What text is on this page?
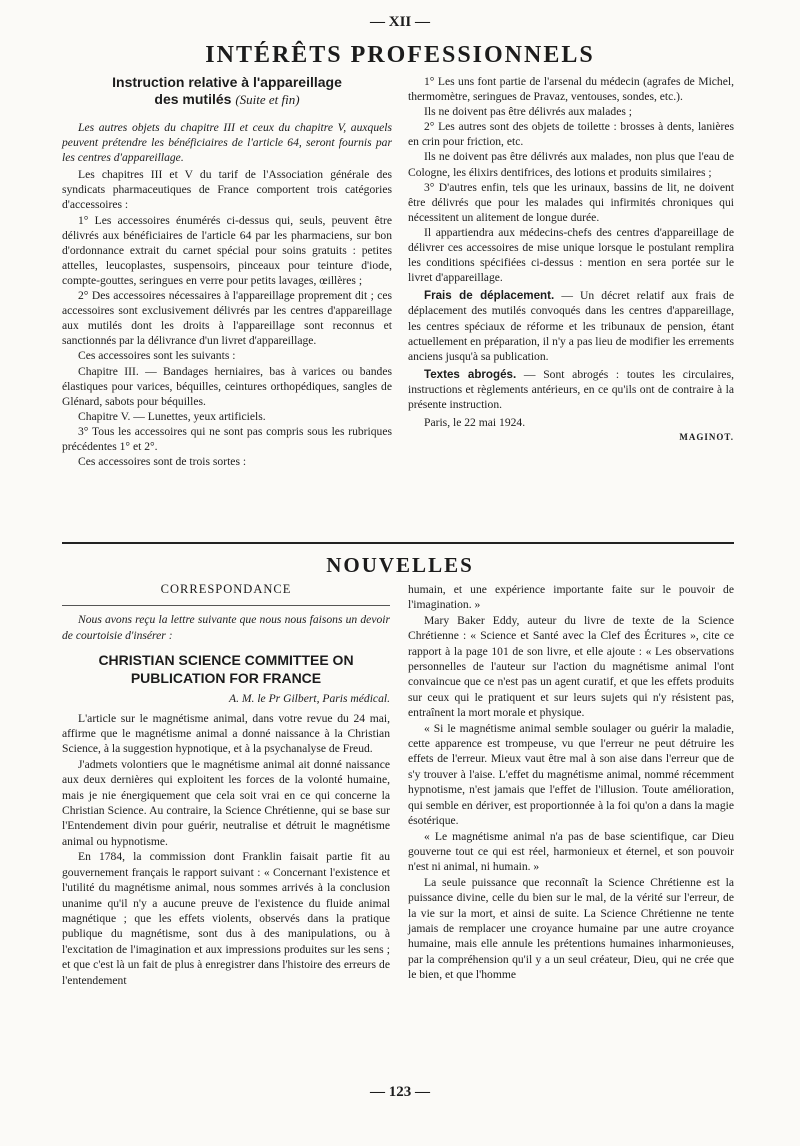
— XII —
INTÉRÊTS PROFESSIONNELS
Instruction relative à l'appareillage
des mutilés (Suite et fin)

Les autres objets du chapitre III et ceux du chapitre V, auxquels peuvent prétendre les bénéficiaires de l'article 64, seront fournis par les centres d'appareillage.

Les chapitres III et V du tarif de l'Association générale des syndicats pharmaceutiques de France comportent trois catégories d'accessoires :

1° Les accessoires énumérés ci-dessus qui, seuls, peuvent être délivrés aux bénéficiaires de l'article 64 par les pharmaciens, sur bon d'ordonnance extrait du carnet spécial pour soins gratuits : petites attelles, leucoplastes, suspensoirs, pinceaux pour teinture d'iode, compte-gouttes, seringues en verre pour petits lavages, œillères ;

2° Des accessoires nécessaires à l'appareillage proprement dit ; ces accessoires sont exclusivement délivrés par les centres d'appareillage aux mutilés dont les droits à l'appareillage sont reconnus et sanctionnés par la délivrance d'un livret d'appareillage.

Ces accessoires sont les suivants :

Chapitre III. — Bandages herniaires, bas à varices ou bandes élastiques pour varices, béquilles, ceintures orthopédiques, sangles de Glénard, sabots pour béquilles.

Chapitre V. — Lunettes, yeux artificiels.

3° Tous les accessoires qui ne sont pas compris sous les rubriques précédentes 1° et 2°.

Ces accessoires sont de trois sortes :

1° Les uns font partie de l'arsenal du médecin (agrafes de Michel, thermomètre, seringues de Pravaz, ventouses, sondes, etc.).

Ils ne doivent pas être délivrés aux malades ;

2° Les autres sont des objets de toilette : brosses à dents, lanières en crin pour friction, etc.

Ils ne doivent pas être délivrés aux malades, non plus que l'eau de Cologne, les élixirs dentifrices, des lotions et produits similaires ;

3° D'autres enfin, tels que les urinaux, bassins de lit, ne doivent être délivrés que pour les malades qui infirmités chroniques qui nécessitent un alitement de longue durée.

Il appartiendra aux médecins-chefs des centres d'appareillage de délivrer ces accessoires de mise unique lorsque le postulant remplira les conditions spécifiées ci-dessus : mention en sera portée sur le livret d'appareillage.

Frais de déplacement. — Un décret relatif aux frais de déplacement des mutilés convoqués dans les centres d'appareillage, les centres spéciaux de réforme et les tribunaux de pension, étant actuellement en préparation, il n'y a pas lieu de modifier les errements anciens jusqu'à sa publication.

Textes abrogés. — Sont abrogés : toutes les circulaires, instructions et règlements antérieurs, en ce qu'ils ont de contraire à la présente instruction.

Paris, le 22 mai 1924.

MAGINOT.
NOUVELLES
CORRESPONDANCE

Nous avons reçu la lettre suivante que nous nous faisons un devoir de courtoisie d'insérer :

CHRISTIAN SCIENCE COMMITTEE ON
PUBLICATION FOR FRANCE
A. M. le Pr Gilbert, Paris médical.

L'article sur le magnétisme animal, dans votre revue du 24 mai, affirme que le magnétisme animal a donné naissance à la Christian Science, à la suggestion hypnotique, et à la psychanalyse de Freud.

J'admets volontiers que le magnétisme animal ait donné naissance aux deux dernières qui exploitent les forces de la volonté humaine, mais je nie énergiquement que cela soit vrai en ce qui concerne la Christian Science. Au contraire, la Science Chrétienne, qui se base sur l'Entendement divin pour guérir, neutralise et détruit le magnétisme animal ou hypnotisme.

En 1784, la commission dont Franklin faisait partie fit au gouvernement français le rapport suivant : « Concernant l'existence et l'utilité du magnétisme animal, nous sommes arrivés à la conclusion unanime qu'il n'y a aucune preuve de l'existence du fluide animal magnétique ; que les effets violents, observés dans la pratique publique du magnétisme, sont dus à des manipulations, ou à l'excitation de l'imagination et aux impressions produites sur les sens ; et que c'est là un fait de plus à enregistrer dans l'histoire des erreurs de l'entendement

humain, et une expérience importante faite sur le pouvoir de l'imagination. »

Mary Baker Eddy, auteur du livre de texte de la Science Chrétienne : « Science et Santé avec la Clef des Écritures », cite ce rapport à la page 101 de son livre, et elle ajoute : « Les observations personnelles de l'auteur sur l'action du magnétisme animal l'ont convaincue que ce n'est pas un agent curatif, et que les effets produits sur ceux qui le pratiquent et sur leurs sujets qui n'y résistent pas, entraînent la mort morale et physique.

« Si le magnétisme animal semble soulager ou guérir la maladie, cette apparence est trompeuse, vu que l'erreur ne peut détruire les effets de l'erreur. Mieux vaut être mal à son aise dans l'erreur que de s'y trouver à l'aise. L'effet du magnétisme animal, nommé récemment hypnotisme, n'est jamais que l'effet de l'illusion. Toute amélioration, qui semble en dériver, est proportionnée à la foi qu'on a dans la magie ésotérique.

« Le magnétisme animal n'a pas de base scientifique, car Dieu gouverne tout ce qui est réel, harmonieux et éternel, et son pouvoir n'est ni animal, ni humain. »

La seule puissance que reconnaît la Science Chrétienne est la puissance divine, celle du bien sur le mal, de la vérité sur l'erreur, de la vie sur la mort, et ainsi de suite. La Science Chrétienne ne tente jamais de remplacer une croyance humaine par une autre croyance humaine, mais elle annule les prétentions humaines inharmonieuses, par la compréhension qu'il y a un seul créateur, Dieu, qui ne crée que le bien, et que l'homme

— 123 —
